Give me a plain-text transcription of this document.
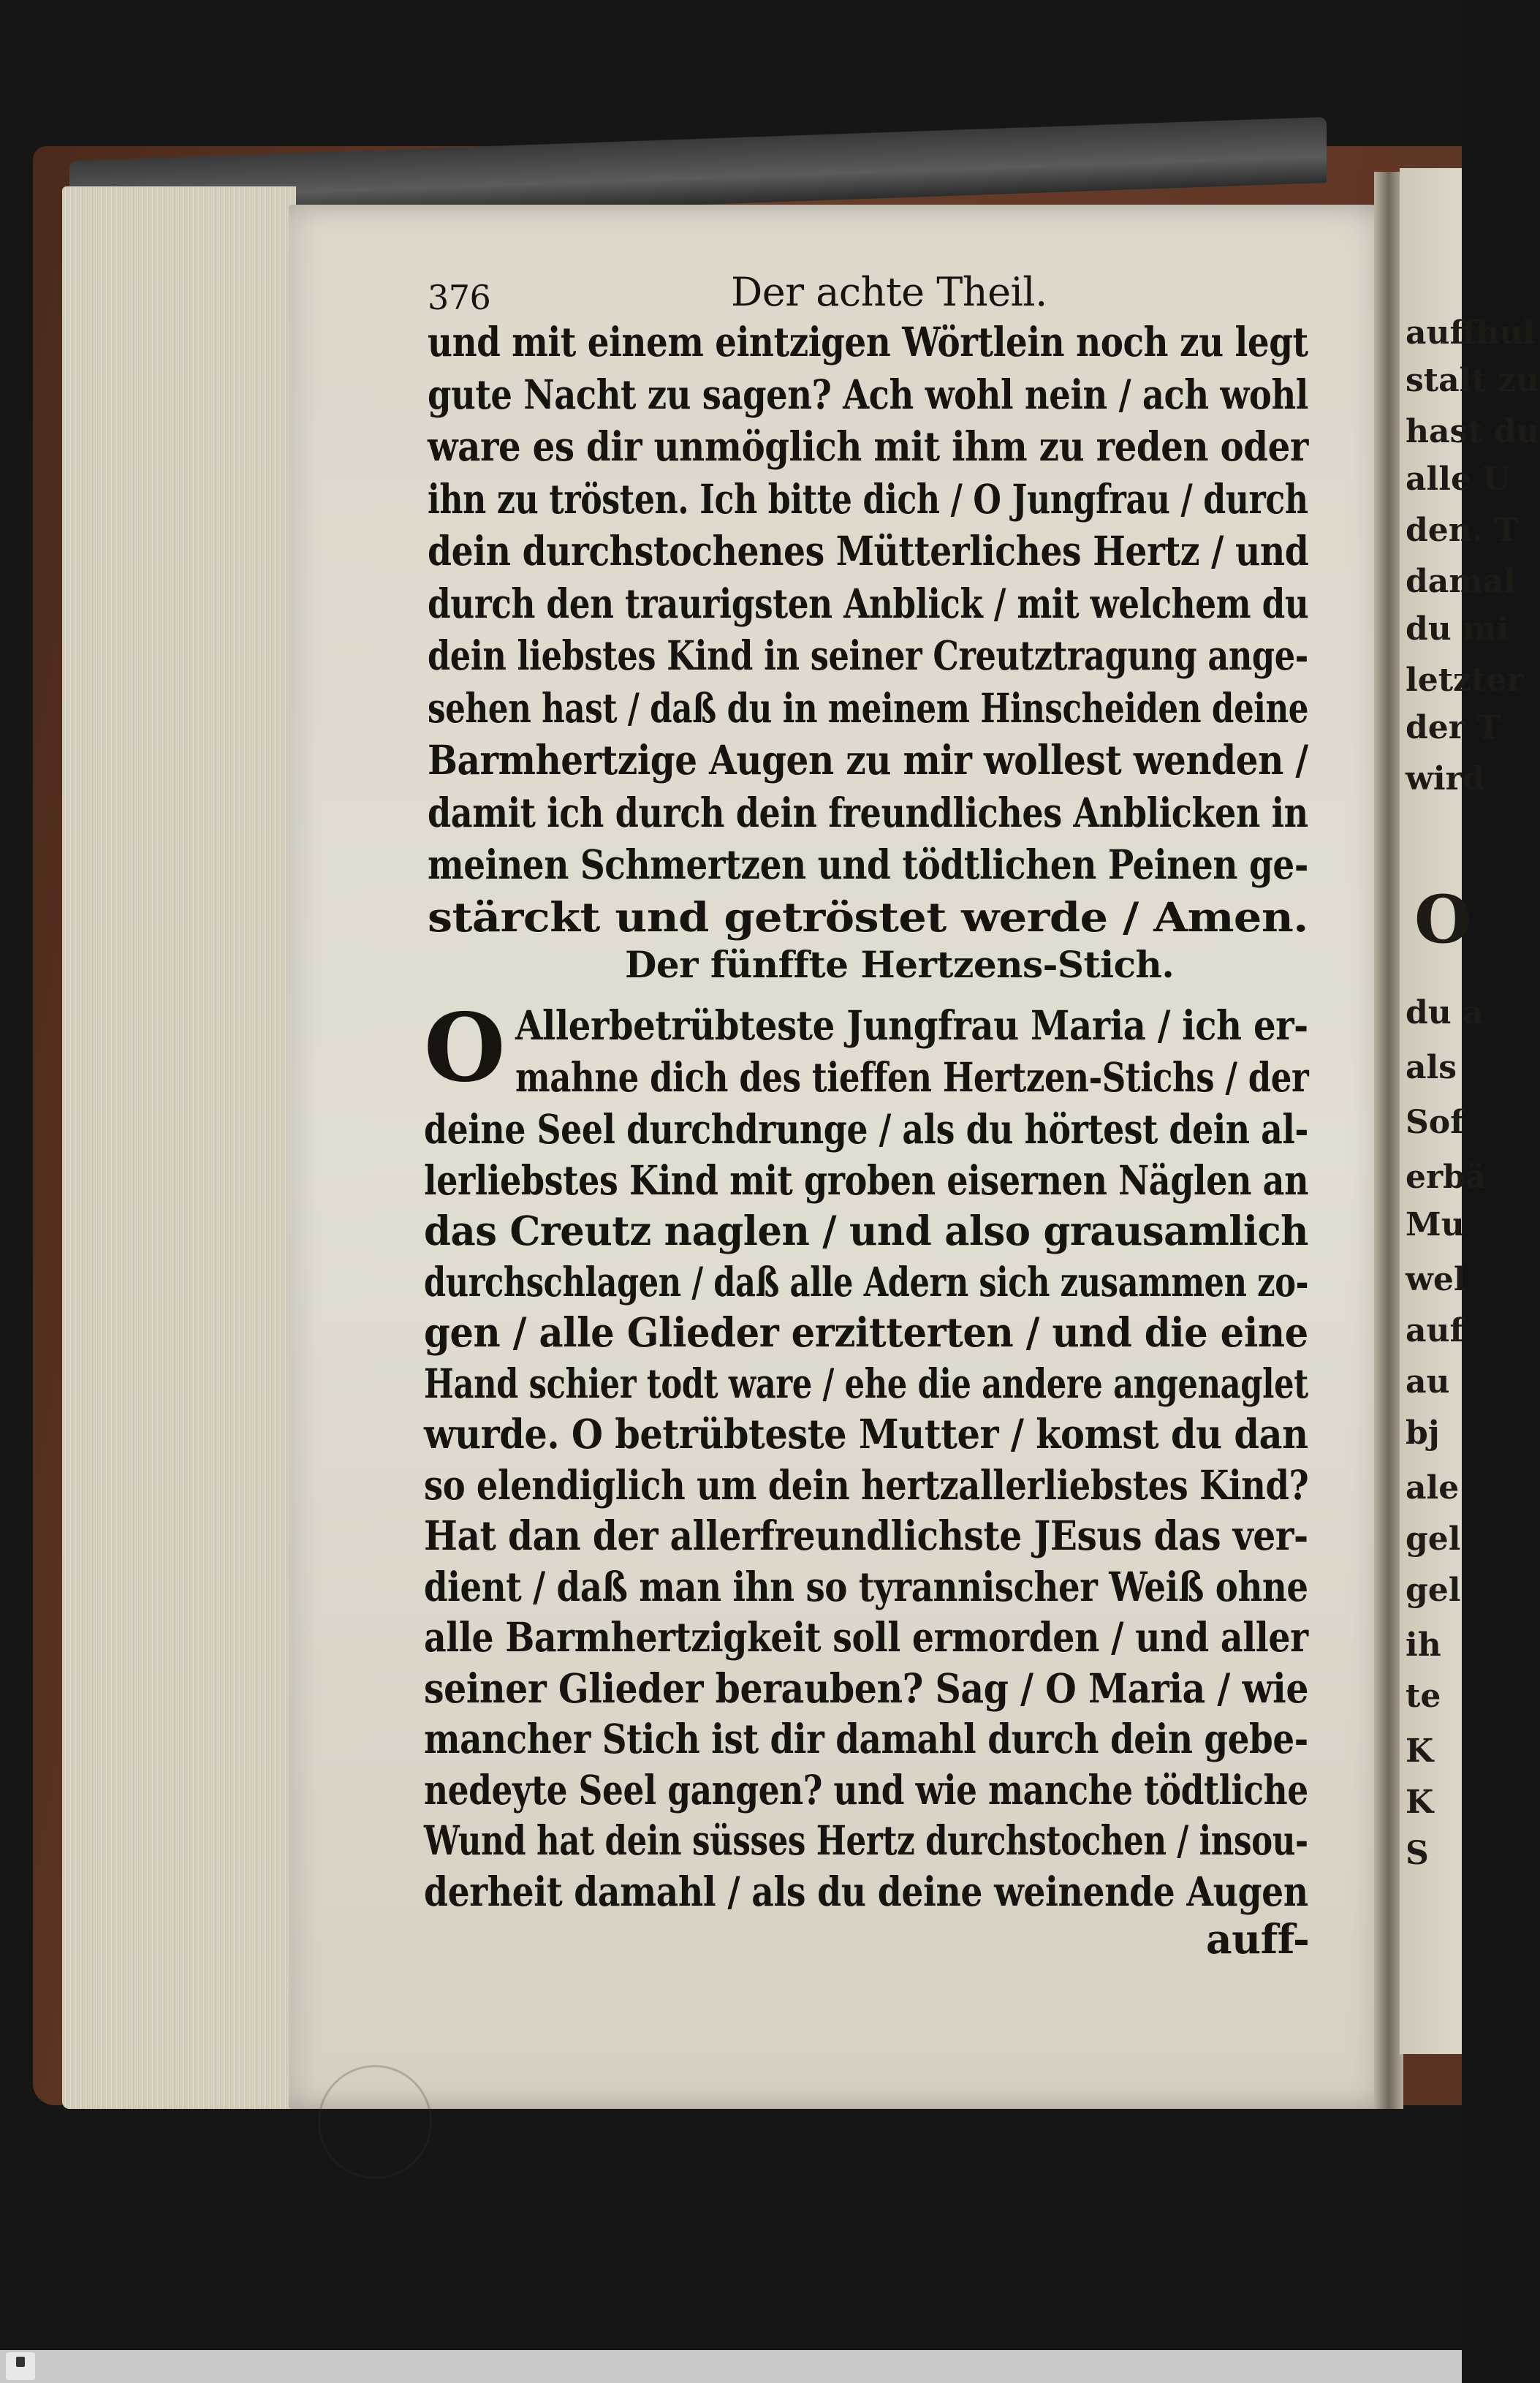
auffhul
stalt zu
hast du
alle U
den. T
damal
du mi
letzter
der T
wird
O
du a
als
Sof
erbä
Mu
wel
auf
au
bj
ale
gel
gel
ih
te
K
K
S
376	Der achte Theil.
Der fünffte Hertzens-Stich.
O
auff-
und mit einem eintzigen Wörtlein noch zu legt
gute Nacht zu sagen? Ach wohl nein / ach wohl
ware es dir unmöglich mit ihm zu reden oder
ihn zu trösten. Ich bitte dich / O Jungfrau / durch
dein durchstochenes Mütterliches Hertz / und
durch den traurigsten Anblick / mit welchem du
dein liebstes Kind in seiner Creutztragung ange-
sehen hast / daß du in meinem Hinscheiden deine
Barmhertzige Augen zu mir wollest wenden /
damit ich durch dein freundliches Anblicken in
meinen Schmertzen und tödtlichen Peinen ge-
stärckt und getröstet werde / Amen.
Allerbetrübteste Jungfrau Maria / ich er-
mahne dich des tieffen Hertzen-Stichs / der
deine Seel durchdrunge / als du hörtest dein al-
lerliebstes Kind mit groben eisernen Näglen an
das Creutz naglen / und also grausamlich
durchschlagen / daß alle Adern sich zusammen zo-
gen / alle Glieder erzitterten / und die eine
Hand schier todt ware / ehe die andere angenaglet
wurde. O betrübteste Mutter / komst du dan
so elendiglich um dein hertzallerliebstes Kind?
Hat dan der allerfreundlichste JEsus das ver-
dient / daß man ihn so tyrannischer Weiß ohne
alle Barmhertzigkeit soll ermorden / und aller
seiner Glieder berauben? Sag / O Maria / wie
mancher Stich ist dir damahl durch dein gebe-
nedeyte Seel gangen? und wie manche tödtliche
Wund hat dein süsses Hertz durchstochen / insou-
derheit damahl / als du deine weinende Augen
